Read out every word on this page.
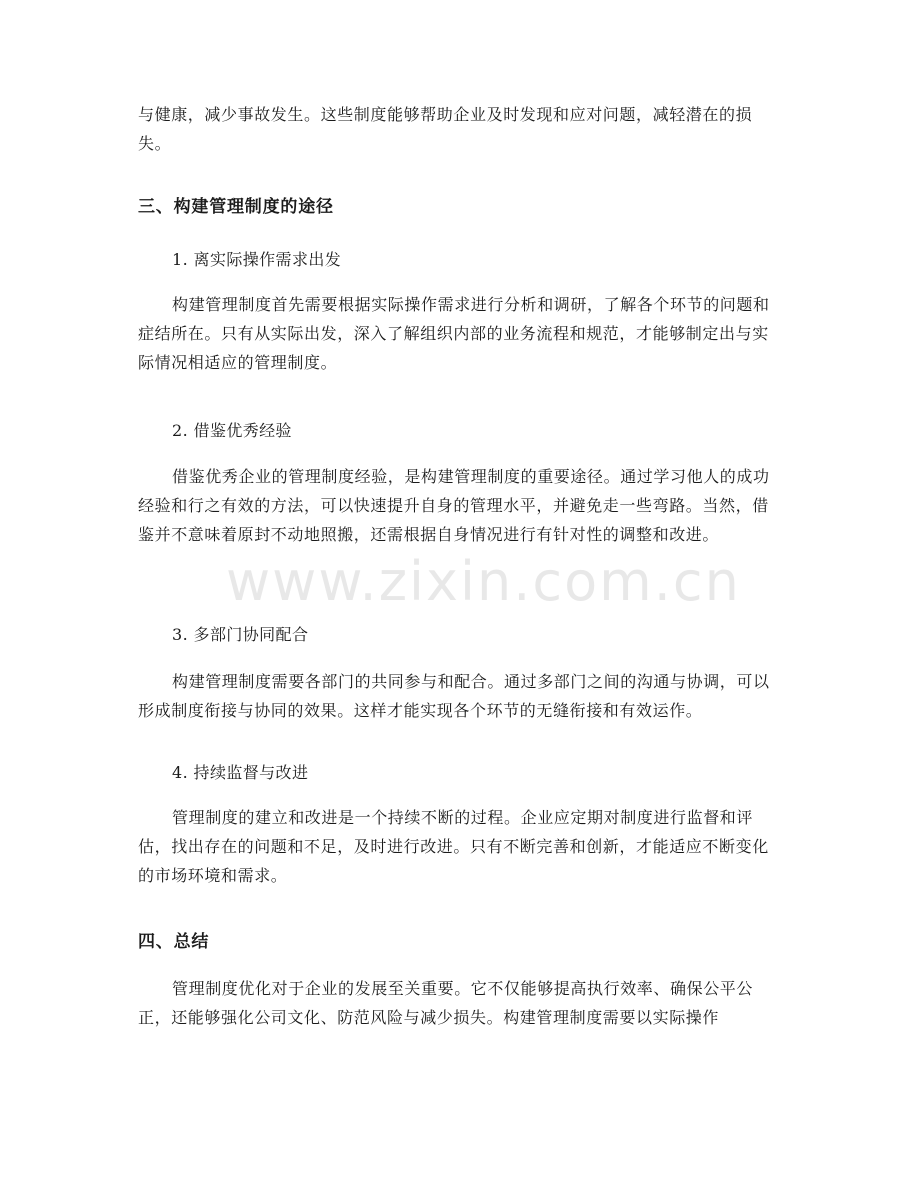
与健康，减少事故发生。这些制度能够帮助企业及时发现和应对问题，减轻潜在的损失。

三、构建管理制度的途径

1. 离实际操作需求出发

构建管理制度首先需要根据实际操作需求进行分析和调研，了解各个环节的问题和症结所在。只有从实际出发，深入了解组织内部的业务流程和规范，才能够制定出与实际情况相适应的管理制度。

2. 借鉴优秀经验

借鉴优秀企业的管理制度经验，是构建管理制度的重要途径。通过学习他人的成功经验和行之有效的方法，可以快速提升自身的管理水平，并避免走一些弯路。当然，借鉴并不意味着原封不动地照搬，还需根据自身情况进行有针对性的调整和改进。

3. 多部门协同配合

构建管理制度需要各部门的共同参与和配合。通过多部门之间的沟通与协调，可以形成制度衔接与协同的效果。这样才能实现各个环节的无缝衔接和有效运作。

4. 持续监督与改进

管理制度的建立和改进是一个持续不断的过程。企业应定期对制度进行监督和评估，找出存在的问题和不足，及时进行改进。只有不断完善和创新，才能适应不断变化的市场环境和需求。

四、总结

管理制度优化对于企业的发展至关重要。它不仅能够提高执行效率、确保公平公正，还能够强化公司文化、防范风险与减少损失。构建管理制度需要以实际操作

www.zixin.com.cn
